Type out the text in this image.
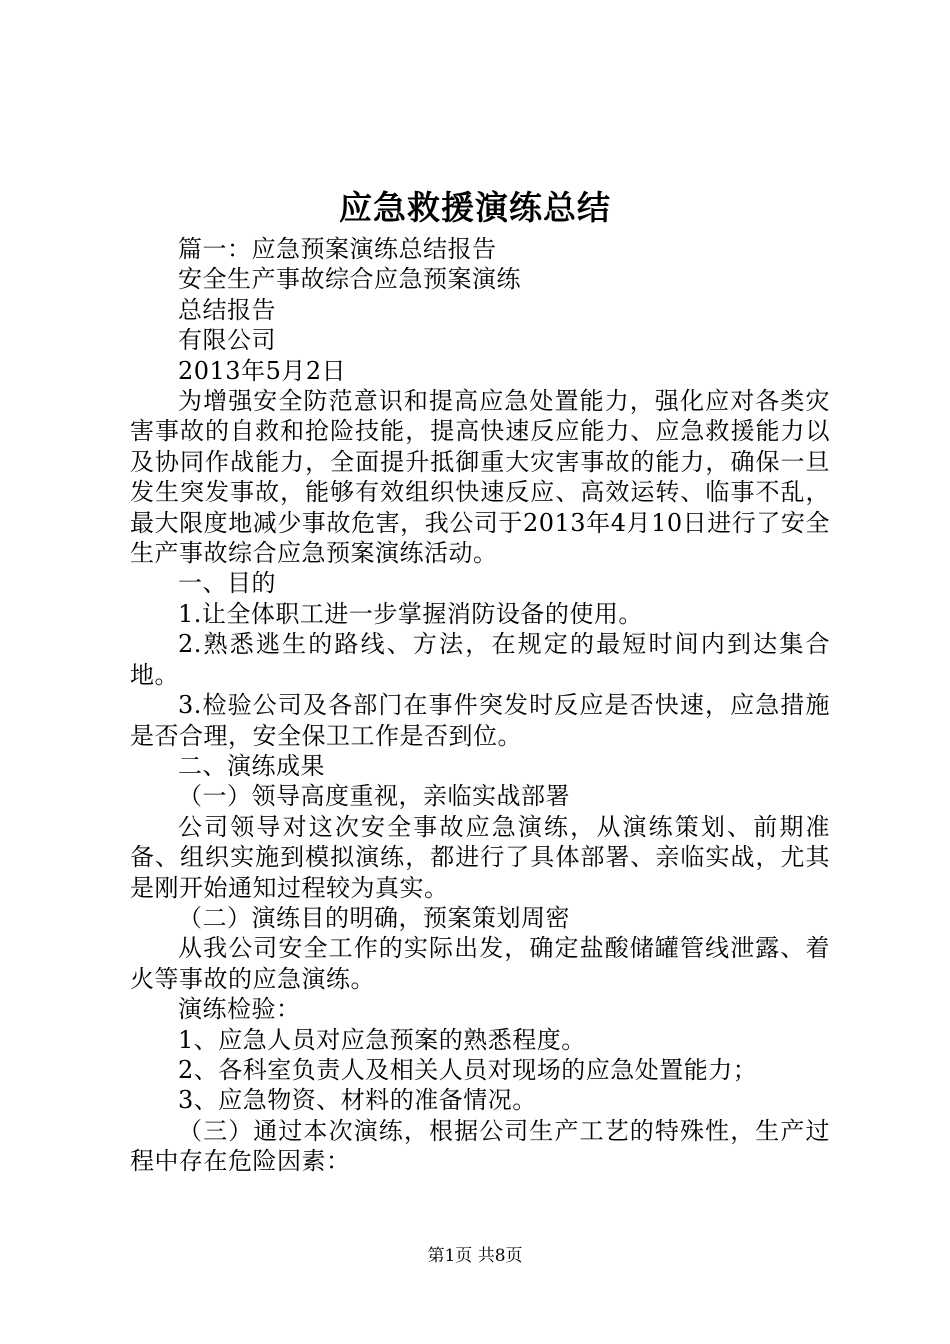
应急救援演练总结

篇一：应急预案演练总结报告

安全生产事故综合应急预案演练

总结报告

有限公司

2013年5月2日

为增强安全防范意识和提高应急处置能力，强化应对各类灾害事故的自救和抢险技能，提高快速反应能力、应急救援能力以及协同作战能力，全面提升抵御重大灾害事故的能力，确保一旦发生突发事故，能够有效组织快速反应、高效运转、临事不乱，最大限度地减少事故危害，我公司于2013年4月10日进行了安全生产事故综合应急预案演练活动。

一、目的

1.让全体职工进一步掌握消防设备的使用。

2.熟悉逃生的路线、方法，在规定的最短时间内到达集合地。

3.检验公司及各部门在事件突发时反应是否快速，应急措施是否合理，安全保卫工作是否到位。

二、演练成果

（一）领导高度重视，亲临实战部署

公司领导对这次安全事故应急演练，从演练策划、前期准备、组织实施到模拟演练，都进行了具体部署、亲临实战，尤其是刚开始通知过程较为真实。

（二）演练目的明确，预案策划周密

从我公司安全工作的实际出发，确定盐酸储罐管线泄露、着火等事故的应急演练。

演练检验：

1、应急人员对应急预案的熟悉程度。

2、各科室负责人及相关人员对现场的应急处置能力；

3、应急物资、材料的准备情况。

（三）通过本次演练，根据公司生产工艺的特殊性，生产过程中存在危险因素：

第1页 共8页
